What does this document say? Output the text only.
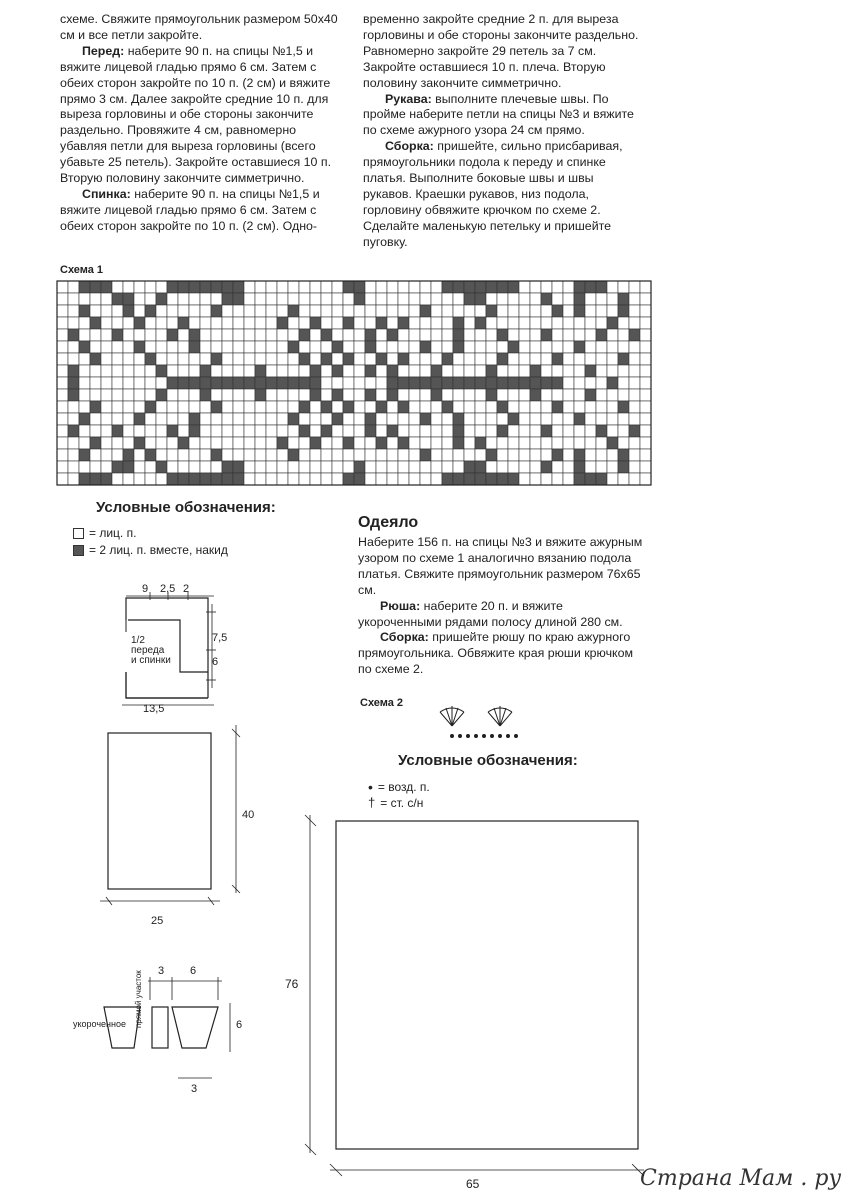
схеме. Свяжите прямоугольник размером 50х40 см и все петли закройте.

Перед: наберите 90 п. на спицы №1,5 и вяжите лицевой гладью прямо 6 см. Затем с обеих сторон закройте по 10 п. (2 см) и вяжите прямо 3 см. Далее закройте средние 10 п. для выреза горловины и обе стороны закончите раздельно. Провяжите 4 см, равномерно убавляя петли для выреза горловины (всего убавьте 25 петель). Закройте оставшиеся 10 п. Вторую половину закончите симметрично.

Спинка: наберите 90 п. на спицы №1,5 и вяжите лицевой гладью прямо 6 см. Затем с обеих сторон закройте по 10 п. (2 см). Одно-

временно закройте средние 2 п. для выреза горловины и обе стороны закончите раздельно. Равномерно закройте 29 петель за 7 см. Закройте оставшиеся 10 п. плеча. Вторую половину закончите симметрично.

Рукава: выполните плечевые швы. По пройме наберите петли на спицы №3 и вяжите по схеме ажурного узора 24 см прямо.

Сборка: пришейте, сильно присбаривая, прямоугольники подола к переду и спинке платья. Выполните боковые швы и швы рукавов. Краешки рукавов, низ подола, горловину обвяжите крючком по схеме 2. Сделайте маленькую петельку и пришейте пуговку.

Схема 1
Условные обозначения:
= лиц. п.
= 2 лиц. п. вместе, накид
Одеяло

Наберите 156 п. на спицы №3 и вяжите ажурным узором по схеме 1 аналогично вязанию подола платья. Свяжите прямоугольник размером 76х65 см.

Рюша: наберите 20 п. и вяжите укороченными рядами полосу длиной 280 см.

Сборка: пришейте рюшу по краю ажурного прямоугольника. Обвяжите края рюши крючком по схеме 2.

9 2,5 2
7,5
6
13,5
1/2
переда
и спинки
40
25
3 6
6
3
укороченное прямой участок
Схема 2
Условные обозначения:
• = возд. п.
† = ст. с/н
76
65	Страна Мам . ру
